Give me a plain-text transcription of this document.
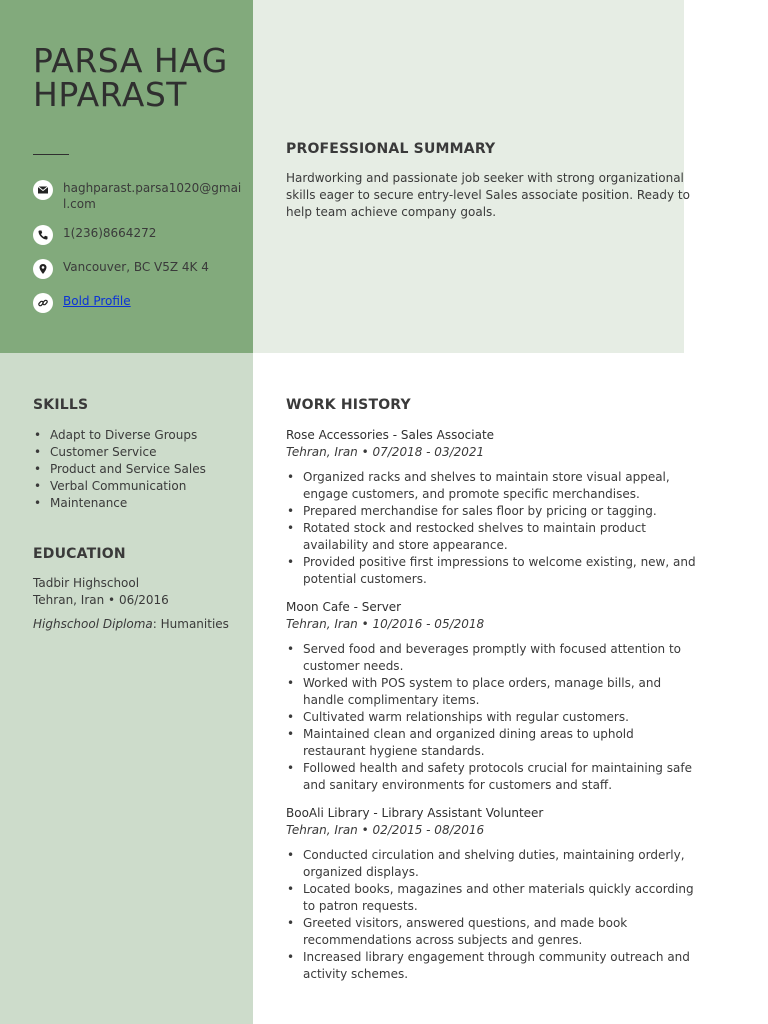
PARSA HAGHPARAST
haghparast.parsa1020@gmail.com
1(236)8664272
Vancouver, BC V5Z 4K 4
Bold Profile
PROFESSIONAL SUMMARY
Hardworking and passionate job seeker with strong organizational skills eager to secure entry-level Sales associate position. Ready to help team achieve company goals.
SKILLS
• Adapt to Diverse Groups
• Customer Service
• Product and Service Sales
• Verbal Communication
• Maintenance
EDUCATION
Tadbir Highschool
Tehran, Iran • 06/2016
Highschool Diploma: Humanities
WORK HISTORY
Rose Accessories - Sales Associate
Tehran, Iran • 07/2018 - 03/2021
• Organized racks and shelves to maintain store visual appeal, engage customers, and promote specific merchandises.
• Prepared merchandise for sales floor by pricing or tagging.
• Rotated stock and restocked shelves to maintain product availability and store appearance.
• Provided positive first impressions to welcome existing, new, and potential customers.
Moon Cafe - Server
Tehran, Iran • 10/2016 - 05/2018
• Served food and beverages promptly with focused attention to customer needs.
• Worked with POS system to place orders, manage bills, and handle complimentary items.
• Cultivated warm relationships with regular customers.
• Maintained clean and organized dining areas to uphold restaurant hygiene standards.
• Followed health and safety protocols crucial for maintaining safe and sanitary environments for customers and staff.
BooAli Library - Library Assistant Volunteer
Tehran, Iran • 02/2015 - 08/2016
• Conducted circulation and shelving duties, maintaining orderly, organized displays.
• Located books, magazines and other materials quickly according to patron requests.
• Greeted visitors, answered questions, and made book recommendations across subjects and genres.
• Increased library engagement through community outreach and activity schemes.
